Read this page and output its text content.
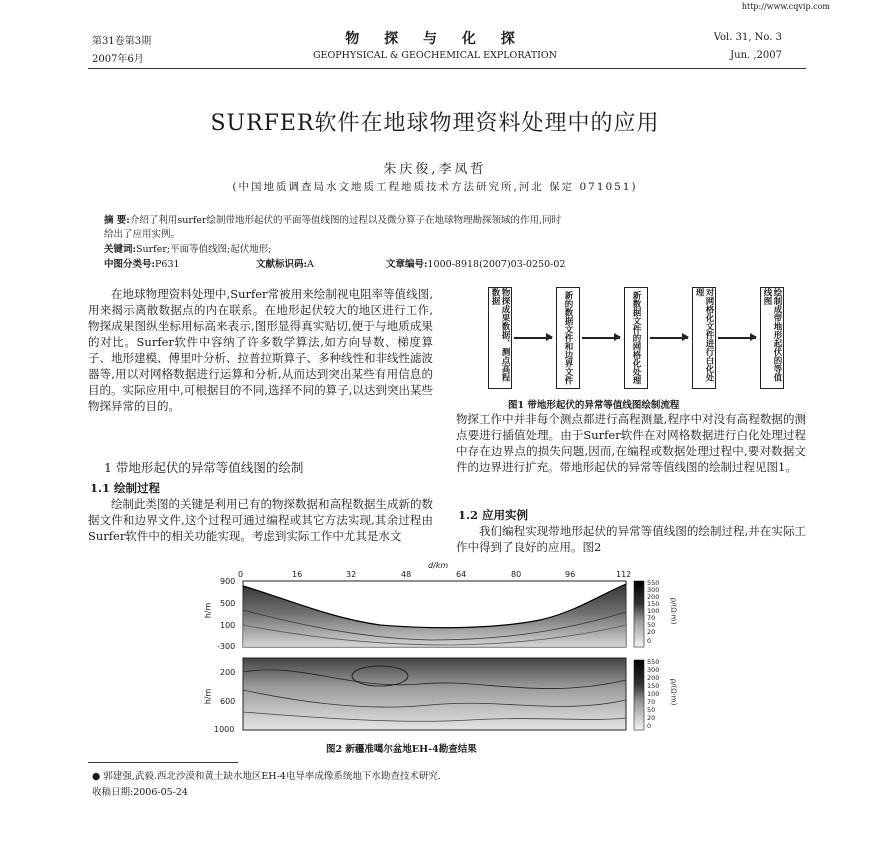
http://www.cqvip.com
第31卷第3期
2007年6月
物 探 与 化 探
GEOPHYSICAL & GEOCHEMICAL EXPLORATION
Vol. 31, No. 3
Jun. ,2007
SURFER软件在地球物理资料处理中的应用
朱庆俊,李凤哲
(中国地质调查局水文地质工程地质技术方法研究所,河北 保定 071051)
摘 要:介绍了利用surfer绘制带地形起伏的平面等值线图的过程以及微分算子在地球物理勘探领域的作用,同时
给出了应用实例。
关键词:Surfer;平面等值线图;起伏地形;
中图分类号:P631	文献标识码:A	文章编号:1000-8918(2007)03-0250-02
在地球物理资料处理中,Surfer常被用来绘制视电阻率等值线图,用来揭示离散数据点的内在联系。在地形起伏较大的地区进行工作,物探成果图纵坐标用标高来表示,图形显得真实贴切,便于与地质成果的对比。Surfer软件中容纳了许多数学算法,如方向导数、梯度算子、地形建模、傅里叶分析、拉普拉斯算子、多种线性和非线性滤波器等,用以对网格数据进行运算和分析,从而达到突出某些有用信息的目的。实际应用中,可根据目的不同,选择不同的算子,以达到突出某些物探异常的目的。
1 带地形起伏的异常等值线图的绘制
1.1 绘制过程
绘制此类图的关键是利用已有的物探数据和高程数据生成新的数据文件和边界文件,这个过程可通过编程或其它方法实现,其余过程由Surfer软件中的相关功能实现。考虑到实际工作中尤其是水文
物探成果数据、测点高程数据	新的数据文件和边界文件	新数据文件的网格化处理	对网格化文件进行白化处理	绘制成带地形起伏的等值线图
图1 带地形起伏的异常等值线图绘制流程
物探工作中并非每个测点都进行高程测量,程序中对没有高程数据的测点要进行插值处理。由于Surfer软件在对网格数据进行白化处理过程中存在边界点的损失问题,因而,在编程或数据处理过程中,要对数据文件的边界进行扩充。带地形起伏的异常等值线图的绘制过程见图1。
1.2 应用实例
我们编程实现带地形起伏的异常等值线图的绘制过程,并在实际工作中得到了良好的应用。图2
d/km
0	16	32	48	64	80	96	112
900
500
100
-300
h/m
200
600
1000
h/m
550
300
200
150
100
70
50
20
0
ρ/(Ω·m)
550
300
200
150
100
70
50
20
0
ρ/(Ω·m)
图2 新疆准噶尔盆地EH-4勘查结果
● 郭建强,武毅.西北沙漠和黄土缺水地区EH-4电导率成像系统地下水勘查技术研究.
收稿日期:2006-05-24
